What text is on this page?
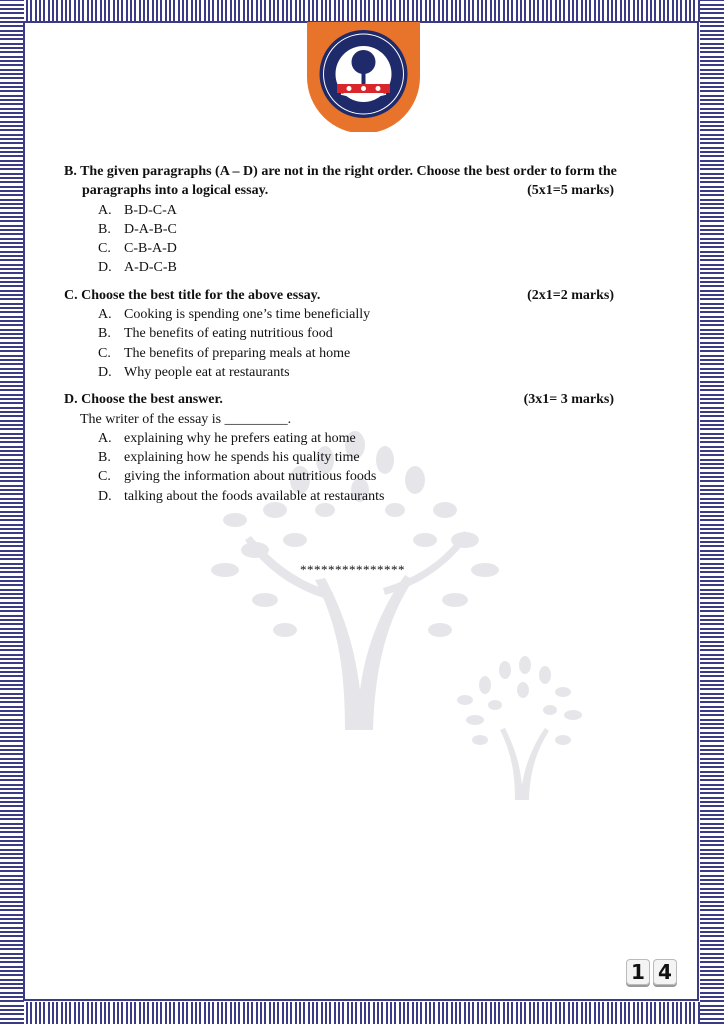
B. The given paragraphs (A – D) are not in the right order. Choose the best order to form the
paragraphs into a logical essay.	(5x1=5 marks)
A. B-D-C-A
B. D-A-B-C
C. C-B-A-D
D. A-D-C-B
C. Choose the best title for the above essay.	(2x1=2 marks)
A. Cooking is spending one’s time beneficially
B. The benefits of eating nutritious food
C. The benefits of preparing meals at home
D. Why people eat at restaurants
D. Choose the best answer.	(3x1= 3 marks)
The writer of the essay is _________.
A. explaining why he prefers eating at home
B. explaining how he spends his quality time
C. giving the information about nutritious foods
D. talking about the foods available at restaurants
***************
1 4
